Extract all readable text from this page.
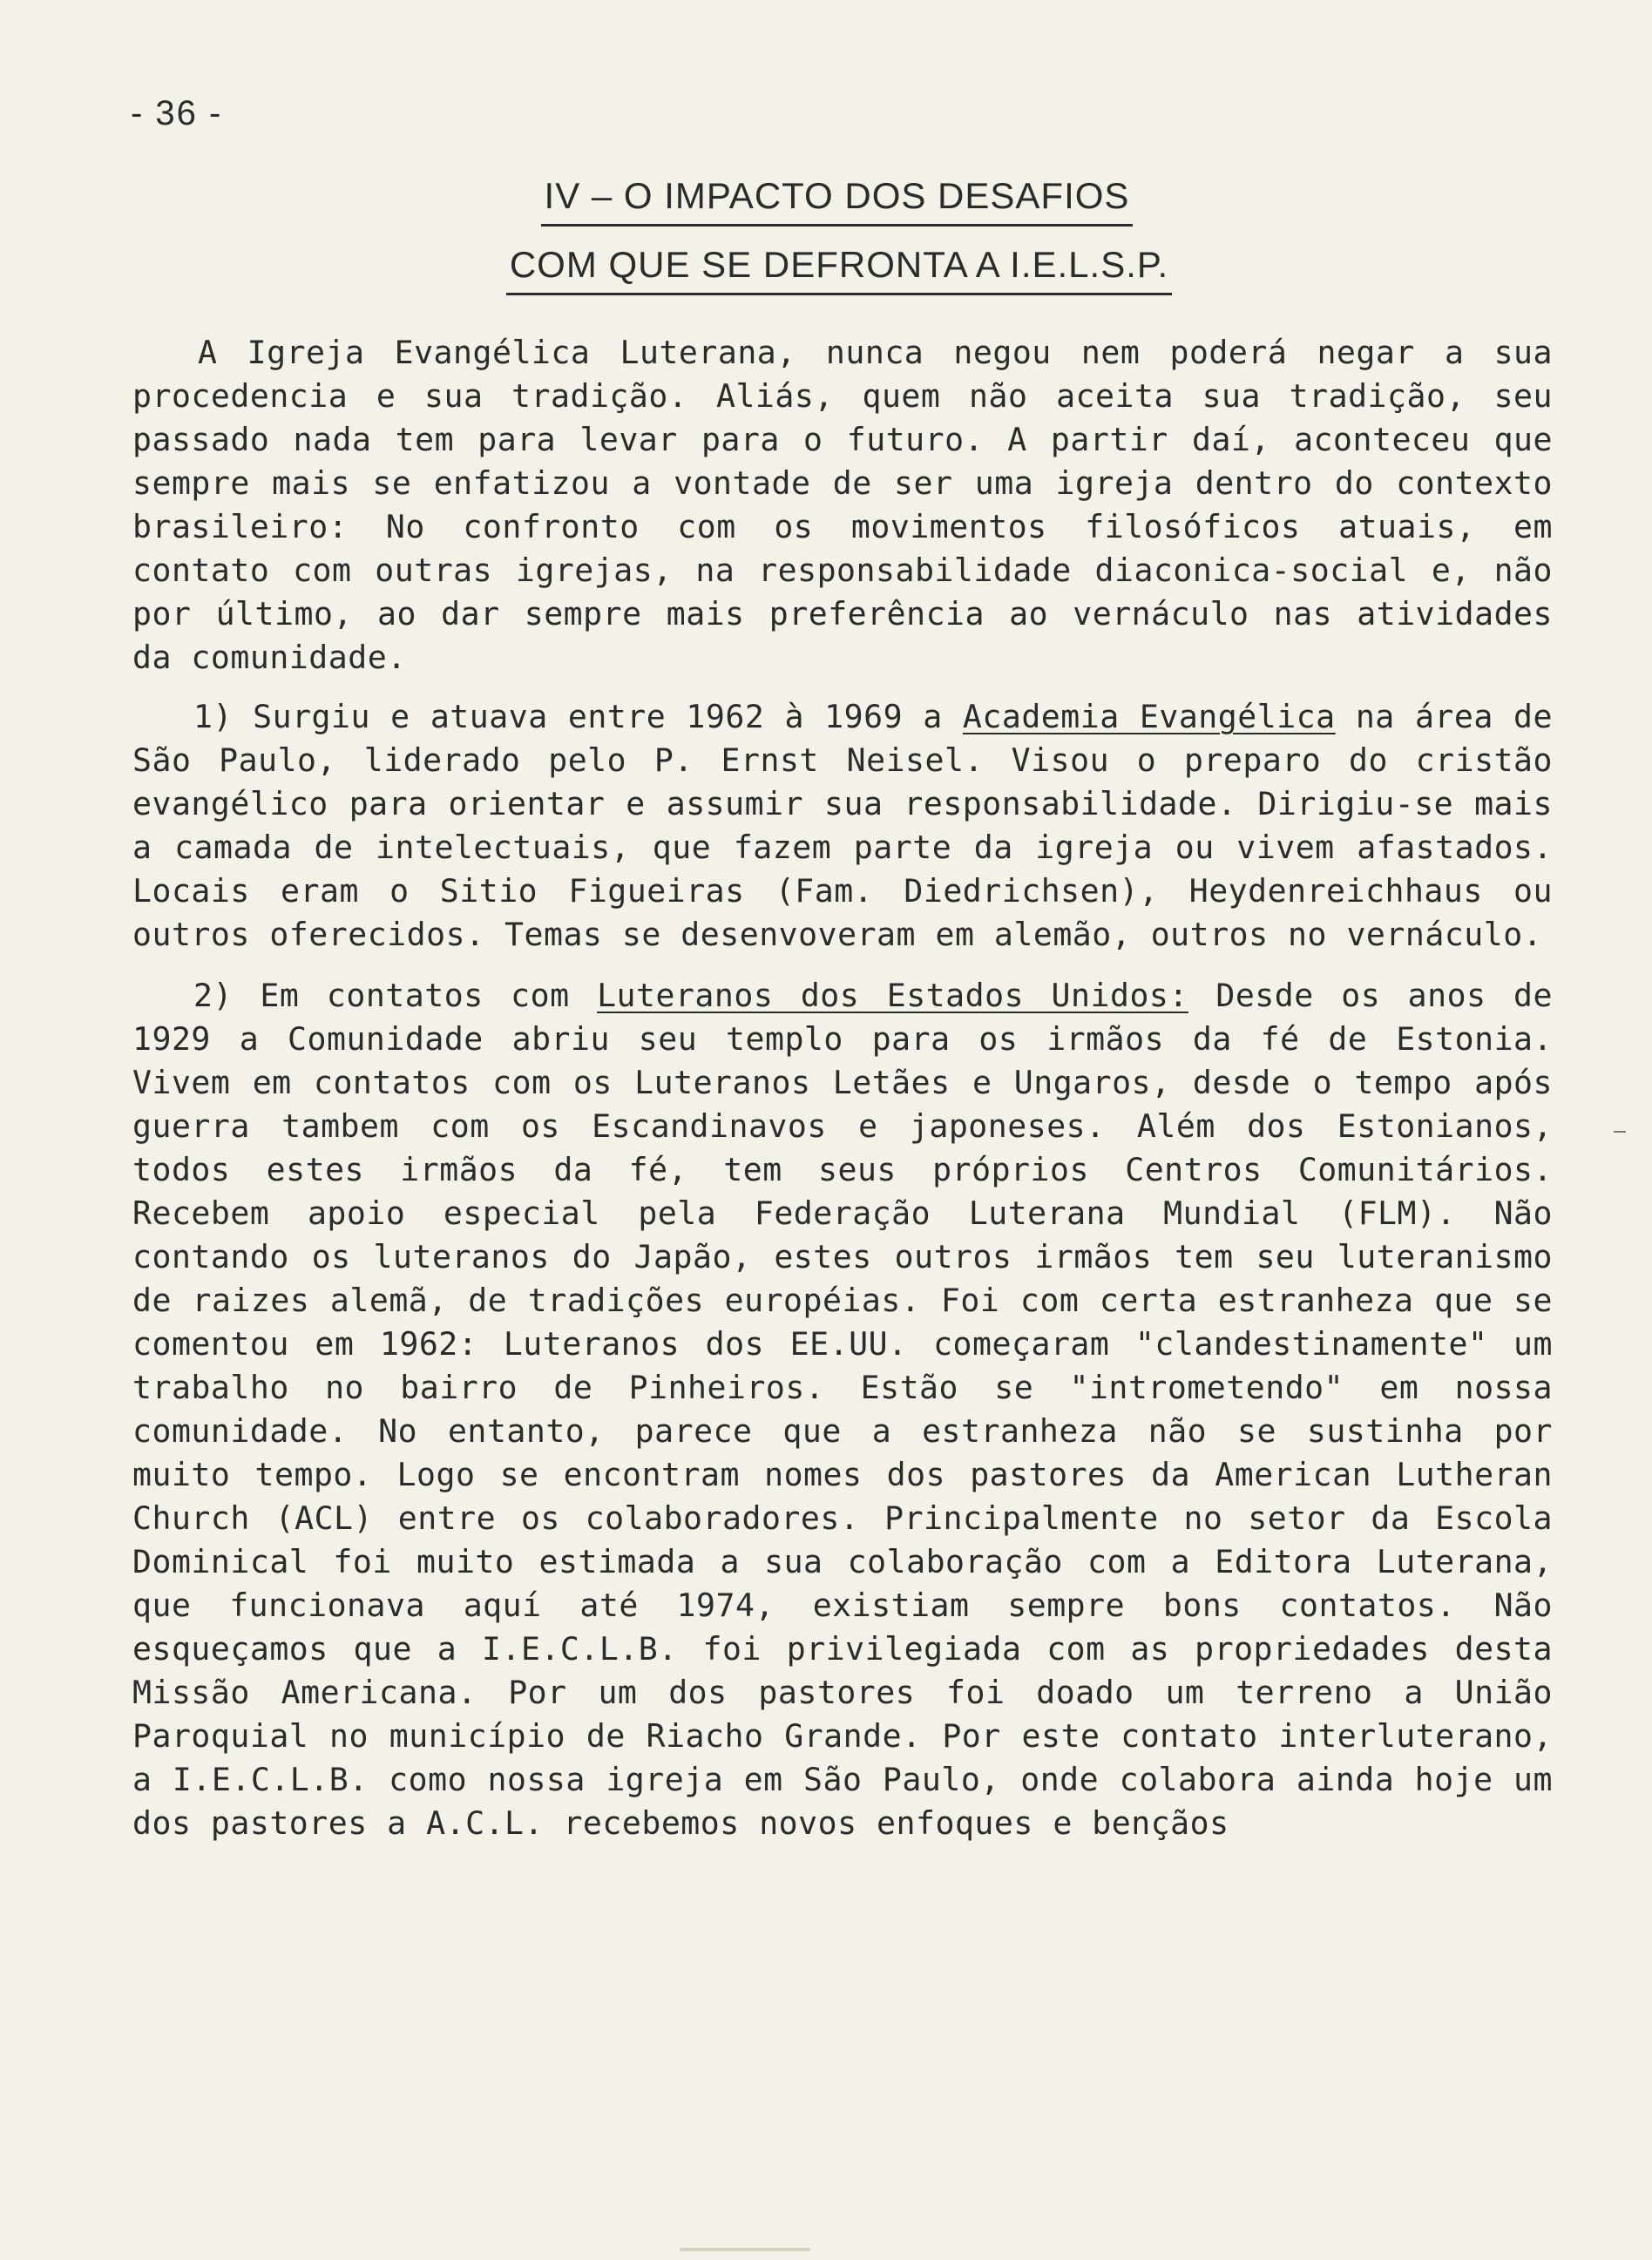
- 36 -
IV – O IMPACTO DOS DESAFIOS
COM QUE SE DEFRONTA A I.E.L.S.P.

A Igreja Evangélica Luterana, nunca negou nem poderá negar a sua procedencia e sua tradição. Aliás, quem não aceita sua tradição, seu passado nada tem para levar para o futuro. A partir daí, aconteceu que sempre mais se enfatizou a vontade de ser uma igreja dentro do contexto brasileiro: No confronto com os movimentos filosóficos atuais, em contato com outras igrejas, na responsabilidade diaconica-social e, não por último, ao dar sempre mais preferência ao vernáculo nas atividades da comunidade.

1) Surgiu e atuava entre 1962 à 1969 a Academia Evangélica na área de São Paulo, liderado pelo P. Ernst Neisel. Visou o preparo do cristão evangélico para orientar e assumir sua responsabilidade. Dirigiu-se mais a camada de intelectuais, que fazem parte da igreja ou vivem afastados. Locais eram o Sitio Figueiras (Fam. Diedrichsen), Heydenreichhaus ou outros oferecidos. Temas se desenvoveram em alemão, outros no vernáculo.

2) Em contatos com Luteranos dos Estados Unidos: Desde os anos de 1929 a Comunidade abriu seu templo para os irmãos da fé de Estonia. Vivem em contatos com os Luteranos Letães e Ungaros, desde o tempo após guerra tambem com os Escandinavos e japoneses. Além dos Estonianos, todos estes irmãos da fé, tem seus próprios Centros Comunitários. Recebem apoio especial pela Federação Luterana Mundial (FLM). Não contando os luteranos do Japão, estes outros irmãos tem seu luteranismo de raizes alemã, de tradições européias. Foi com certa estranheza que se comentou em 1962: Luteranos dos EE.UU. começaram "clandestinamente" um trabalho no bairro de Pinheiros. Estão se "intrometendo" em nossa comunidade. No entanto, parece que a estranheza não se sustinha por muito tempo. Logo se encontram nomes dos pastores da American Lutheran Church (ACL) entre os colaboradores. Principalmente no setor da Escola Dominical foi muito estimada a sua colaboração com a Editora Luterana, que funcionava aquí até 1974, existiam sempre bons contatos. Não esqueçamos que a I.E.C.L.B. foi privilegiada com as propriedades desta Missão Americana. Por um dos pastores foi doado um terreno a União Paroquial no município de Riacho Grande. Por este contato interluterano, a I.E.C.L.B. como nossa igreja em São Paulo, onde colabora ainda hoje um dos pastores a A.C.L. recebemos novos enfoques e bençãos
